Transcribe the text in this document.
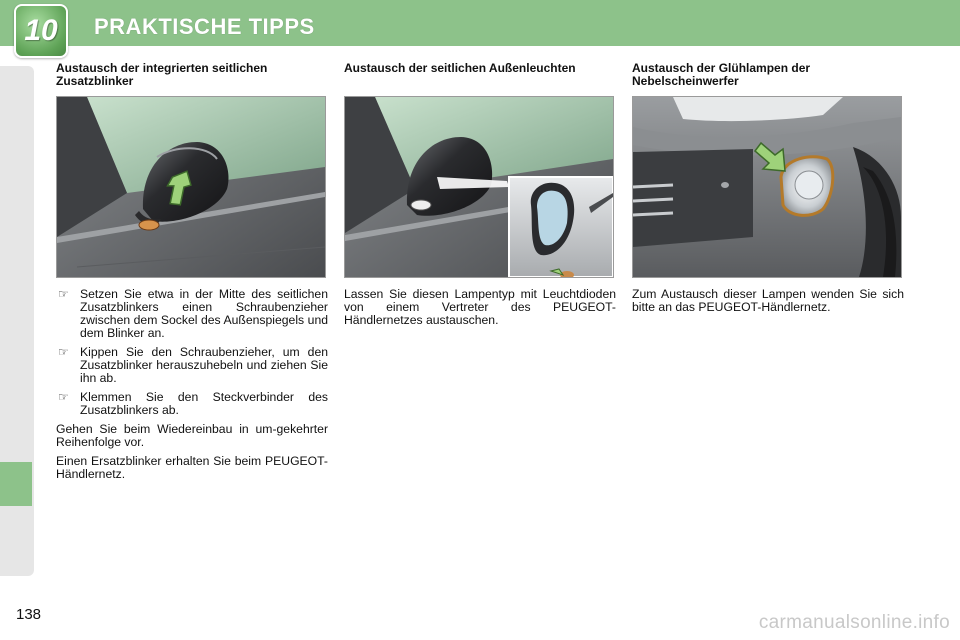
10 PRAKTISCHE TIPPS
Austausch der integrierten seitlichen Zusatzblinker
☞ Setzen Sie etwa in der Mitte des seitlichen Zusatzblinkers einen Schraubenzieher zwischen dem Sockel des Außenspiegels und dem Blinker an.
☞ Kippen Sie den Schraubenzieher, um den Zusatzblinker herauszuhebeln und ziehen Sie ihn ab.
☞ Klemmen Sie den Steckverbinder des Zusatzblinkers ab.

Gehen Sie beim Wiedereinbau in um-gekehrter Reihenfolge vor.

Einen Ersatzblinker erhalten Sie beim PEUGEOT-Händlernetz.

Austausch der seitlichen Außenleuchten

Lassen Sie diesen Lampentyp mit Leuchtdioden von einem Vertreter des PEUGEOT-Händlernetzes austauschen.

Austausch der Glühlampen der Nebelscheinwerfer

Zum Austausch dieser Lampen wenden Sie sich bitte an das PEUGEOT-Händlernetz.

138	carmanualsonline.info
